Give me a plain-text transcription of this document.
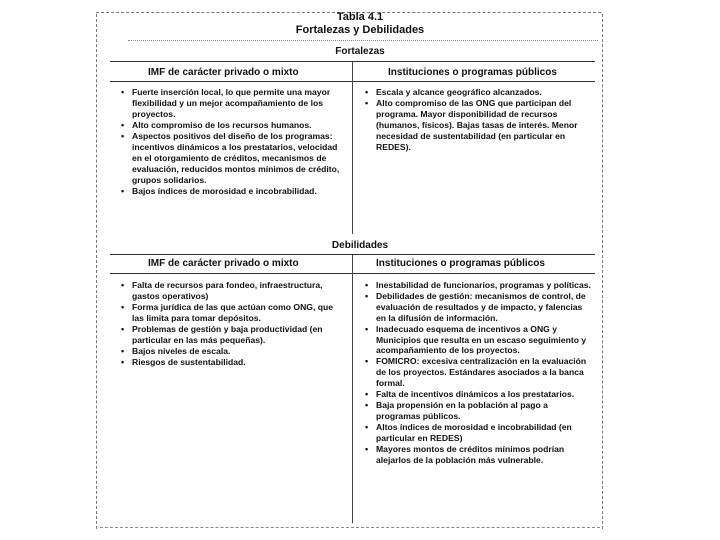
Tabla 4.1
Fortalezas y Debilidades
Fortalezas
IMF de carácter privado o mixto	Instituciones o programas públicos
• Fuerte inserción local, lo que permite una mayor flexibilidad y un mejor acompañamiento de los proyectos.
• Alto compromiso de los recursos humanos.
• Aspectos positivos del diseño de los programas: incentivos dinámicos a los prestatarios, velocidad en el otorgamiento de créditos, mecanismos de evaluación, reducidos montos mínimos de crédito, grupos solidarios.
• Bajos índices de morosidad e incobrabilidad.
• Escala y alcance geográfico alcanzados.
• Alto compromiso de las ONG que participan del programa. Mayor disponibilidad de recursos (humanos, físicos). Bajas tasas de interés. Menor necesidad de sustentabilidad (en particular en REDES).
Debilidades
IMF de carácter privado o mixto	Instituciones o programas públicos
• Falta de recursos para fondeo, infraestructura, gastos operativos)
• Forma jurídica de las que actúan como ONG, que las limita para tomar depósitos.
• Problemas de gestión y baja productividad (en particular en las más pequeñas).
• Bajos niveles de escala.
• Riesgos de sustentabilidad.
• Inestabilidad de funcionarios, programas y políticas.
• Debilidades de gestión: mecanismos de control, de evaluación de resultados y de impacto, y falencias en la difusión de información.
• Inadecuado esquema de incentivos a ONG y Municipios que resulta en un escaso seguimiento y acompañamiento de los proyectos.
• FOMICRO: excesiva centralización en la evaluación de los proyectos. Estándares asociados a la banca formal.
• Falta de incentivos dinámicos a los prestatarios.
• Baja propensión en la población al pago a programas públicos.
• Altos índices de morosidad e incobrabilidad (en particular en REDES)
• Mayores montos de créditos mínimos podrían alejarlos de la población más vulnerable.
